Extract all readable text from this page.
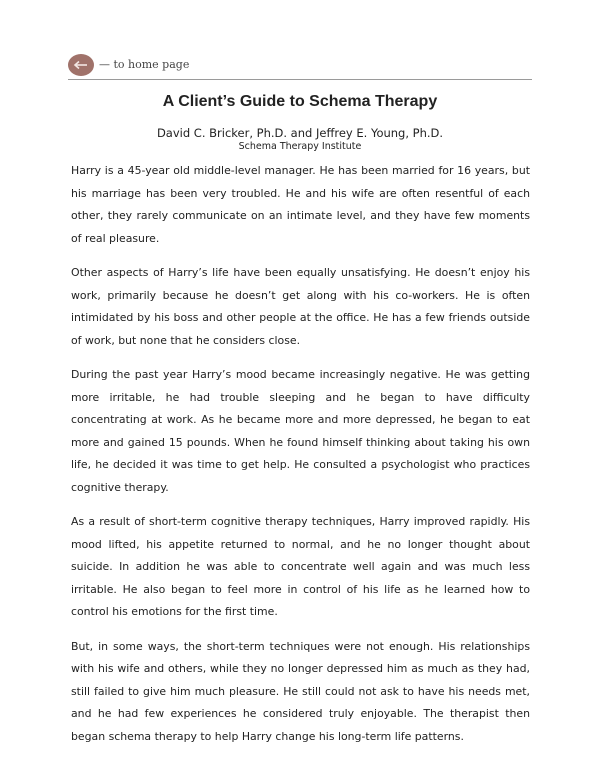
— to home page
A Client’s Guide to Schema Therapy
David C. Bricker, Ph.D. and Jeffrey E. Young, Ph.D.
Schema Therapy Institute

Harry is a 45-year old middle-level manager. He has been married for 16 years, but his marriage has been very troubled. He and his wife are often resentful of each other, they rarely communicate on an intimate level, and they have few moments of real pleasure.

Other aspects of Harry’s life have been equally unsatisfying. He doesn’t enjoy his work, primarily because he doesn’t get along with his co-workers. He is often intimidated by his boss and other people at the office. He has a few friends outside of work, but none that he considers close.

During the past year Harry’s mood became increasingly negative. He was getting more irritable, he had trouble sleeping and he began to have difficulty concentrating at work. As he became more and more depressed, he began to eat more and gained 15 pounds. When he found himself thinking about taking his own life, he decided it was time to get help. He consulted a psychologist who practices cognitive therapy.

As a result of short-term cognitive therapy techniques, Harry improved rapidly. His mood lifted, his appetite returned to normal, and he no longer thought about suicide. In addition he was able to concentrate well again and was much less irritable. He also began to feel more in control of his life as he learned how to control his emotions for the first time.

But, in some ways, the short-term techniques were not enough. His relationships with his wife and others, while they no longer depressed him as much as they had, still failed to give him much pleasure. He still could not ask to have his needs met, and he had few experiences he considered truly enjoyable. The therapist then began schema therapy to help Harry change his long-term life patterns.
